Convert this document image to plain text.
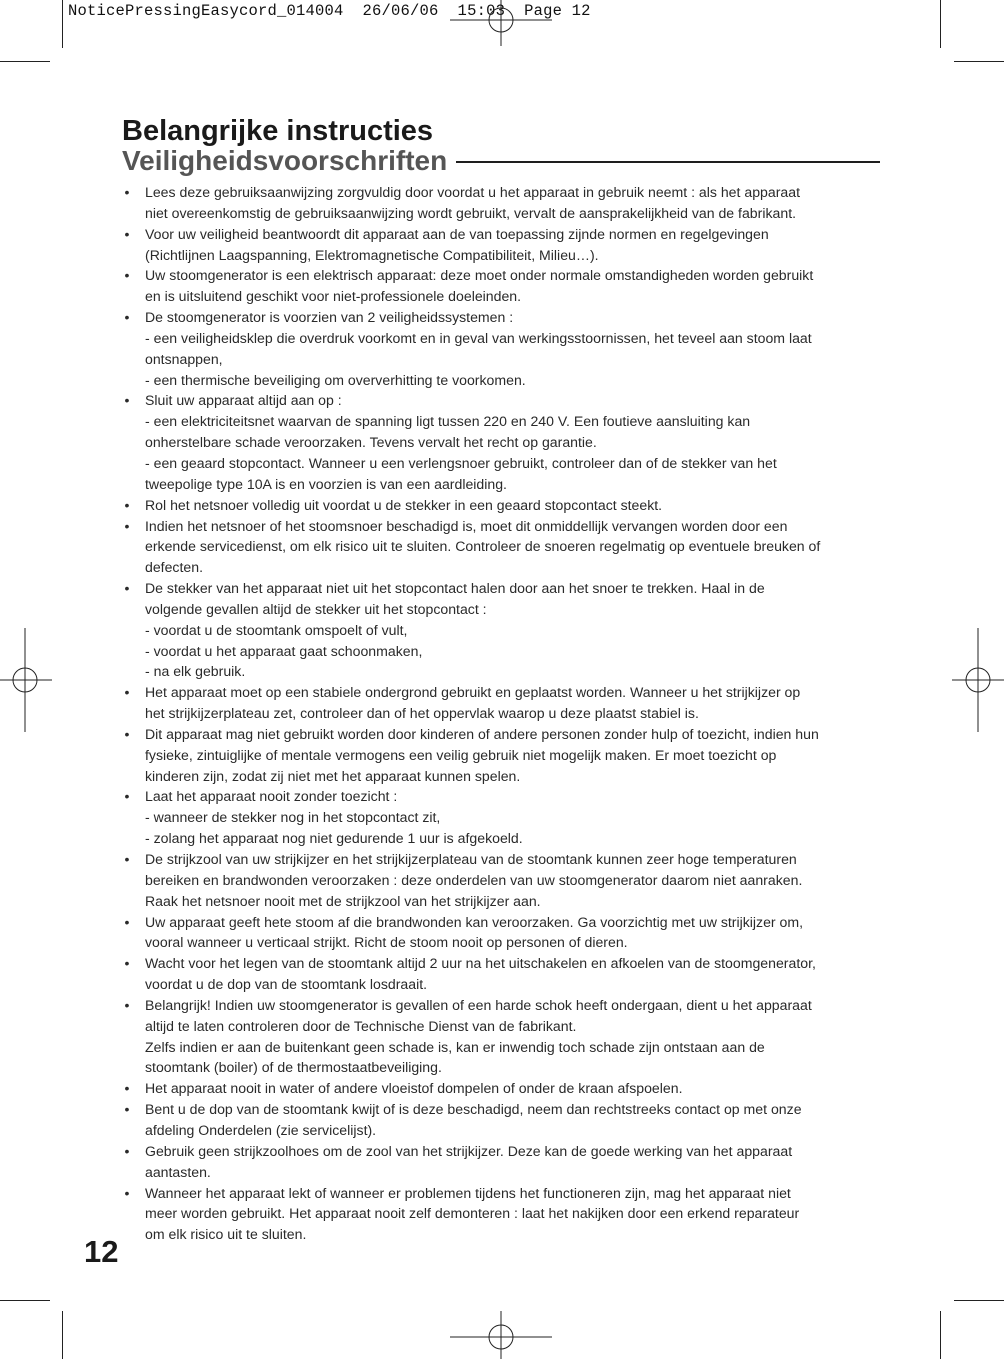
NoticePressingEasycord_014004  26/06/06  15:03  Page 12
Belangrijke instructies
Veiligheidsvoorschriften
• Lees deze gebruiksaanwijzing zorgvuldig door voordat u het apparaat in gebruik neemt : als het apparaat
niet overeenkomstig de gebruiksaanwijzing wordt gebruikt, vervalt de aansprakelijkheid van de fabrikant.
• Voor uw veiligheid beantwoordt dit apparaat aan de van toepassing zijnde normen en regelgevingen
(Richtlijnen Laagspanning, Elektromagnetische Compatibiliteit, Milieu…).
• Uw stoomgenerator is een elektrisch apparaat: deze moet onder normale omstandigheden worden gebruikt
en is uitsluitend geschikt voor niet-professionele doeleinden.
• De stoomgenerator is voorzien van 2 veiligheidssystemen :
- een veiligheidsklep die overdruk voorkomt en in geval van werkingsstoornissen, het teveel aan stoom laat
ontsnappen,
- een thermische beveiliging om oververhitting te voorkomen.
• Sluit uw apparaat altijd aan op :
- een elektriciteitsnet waarvan de spanning ligt tussen 220 en 240 V. Een foutieve aansluiting kan
onherstelbare schade veroorzaken. Tevens vervalt het recht op garantie.
- een geaard stopcontact. Wanneer u een verlengsnoer gebruikt, controleer dan of de stekker van het
tweepolige type 10A is en voorzien is van een aardleiding.
• Rol het netsnoer volledig uit voordat u de stekker in een geaard stopcontact steekt.
• Indien het netsnoer of het stoomsnoer beschadigd is, moet dit onmiddellijk vervangen worden door een
erkende servicedienst, om elk risico uit te sluiten. Controleer de snoeren regelmatig op eventuele breuken of
defecten.
• De stekker van het apparaat niet uit het stopcontact halen door aan het snoer te trekken. Haal in de
volgende gevallen altijd de stekker uit het stopcontact :
- voordat u de stoomtank omspoelt of vult,
- voordat u het apparaat gaat schoonmaken,
- na elk gebruik.
• Het apparaat moet op een stabiele ondergrond gebruikt en geplaatst worden. Wanneer u het strijkijzer op
het strijkijzerplateau zet, controleer dan of het oppervlak waarop u deze plaatst stabiel is.
• Dit apparaat mag niet gebruikt worden door kinderen of andere personen zonder hulp of toezicht, indien hun
fysieke, zintuiglijke of mentale vermogens een veilig gebruik niet mogelijk maken. Er moet toezicht op
kinderen zijn, zodat zij niet met het apparaat kunnen spelen.
• Laat het apparaat nooit zonder toezicht :
- wanneer de stekker nog in het stopcontact zit,
- zolang het apparaat nog niet gedurende 1 uur is afgekoeld.
• De strijkzool van uw strijkijzer en het strijkijzerplateau van de stoomtank kunnen zeer hoge temperaturen
bereiken en brandwonden veroorzaken : deze onderdelen van uw stoomgenerator daarom niet aanraken.
Raak het netsnoer nooit met de strijkzool van het strijkijzer aan.
• Uw apparaat geeft hete stoom af die brandwonden kan veroorzaken. Ga voorzichtig met uw strijkijzer om,
vooral wanneer u verticaal strijkt. Richt de stoom nooit op personen of dieren.
• Wacht voor het legen van de stoomtank altijd 2 uur na het uitschakelen en afkoelen van de stoomgenerator,
voordat u de dop van de stoomtank losdraait.
• Belangrijk! Indien uw stoomgenerator is gevallen of een harde schok heeft ondergaan, dient u het apparaat
altijd te laten controleren door de Technische Dienst van de fabrikant.
Zelfs indien er aan de buitenkant geen schade is, kan er inwendig toch schade zijn ontstaan aan de
stoomtank (boiler) of de thermostaatbeveiliging.
• Het apparaat nooit in water of andere vloeistof dompelen of onder de kraan afspoelen.
• Bent u de dop van de stoomtank kwijt of is deze beschadigd, neem dan rechtstreeks contact op met onze
afdeling Onderdelen (zie servicelijst).
• Gebruik geen strijkzoolhoes om de zool van het strijkijzer. Deze kan de goede werking van het apparaat
aantasten.
• Wanneer het apparaat lekt of wanneer er problemen tijdens het functioneren zijn, mag het apparaat niet
meer worden gebruikt. Het apparaat nooit zelf demonteren : laat het nakijken door een erkend reparateur
om elk risico uit te sluiten.
12
